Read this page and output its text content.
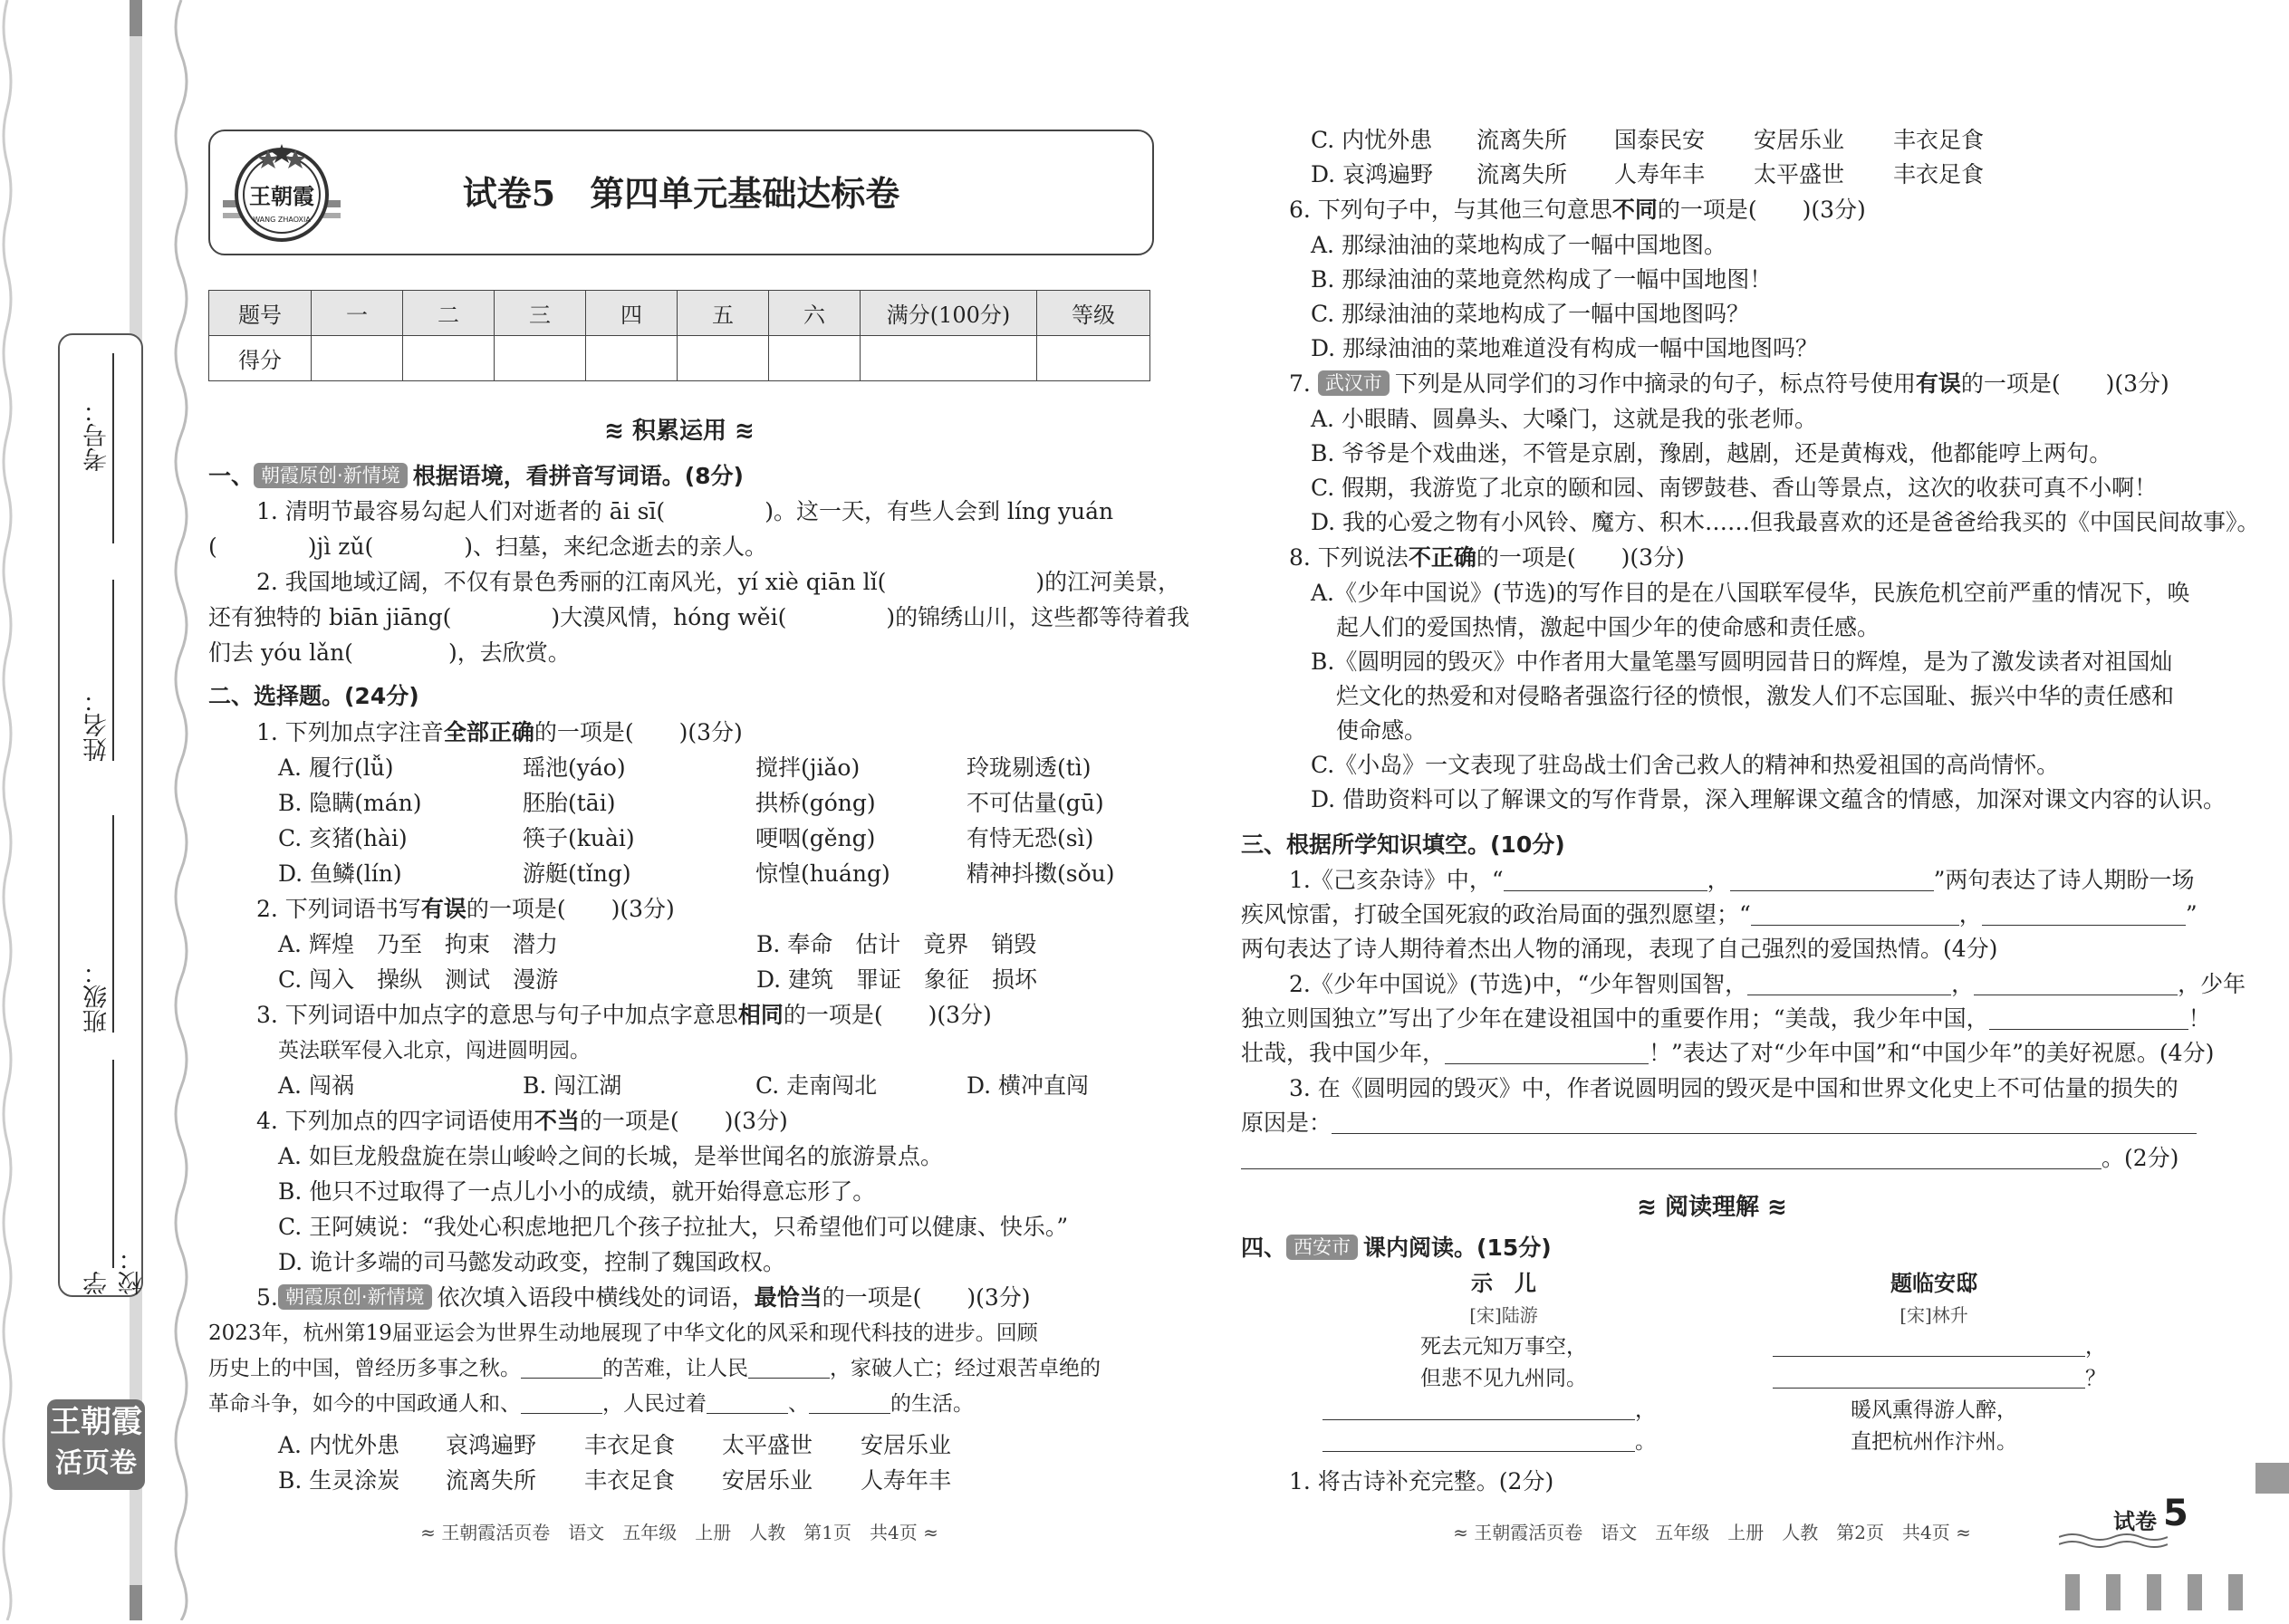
考号：
姓名：
班级：
学校：
王朝霞
活页卷
王朝霞
WANG ZHAOXIA
试卷5　第四单元基础达标卷
题号	一	二	三	四	五	六	满分(100分)	等级
得分								
≋ 积累运用 ≋
一、 朝霞原创·新情境 根据语境，看拼音写词语。(8分)
1. 清明节最容易勾起人们对逝者的 āi sī(	)。这一天，有些人会到 líng yuán
(	)jì zǔ(	)、扫墓，来纪念逝去的亲人。
2. 我国地域辽阔，不仅有景色秀丽的江南风光，yí xiè qiān lǐ(	)的江河美景，
还有独特的 biān jiāng(	)大漠风情，hóng wěi(	)的锦绣山川，这些都等待着我
们去 yóu lǎn(	)，去欣赏。
二、选择题。(24分)
1. 下列加点字注音全部正确的一项是(　　)(3分)
A. 履行(lǚ)	瑶池(yáo)	搅拌(jiǎo)	玲珑剔透(tì)
B. 隐瞒(mán)	胚胎(tāi)	拱桥(góng)	不可估量(gū)
C. 亥猪(hài)	筷子(kuài)	哽咽(gěng)	有恃无恐(sì)
D. 鱼鳞(lín)	游艇(tǐng)	惊惶(huáng)	精神抖擞(sǒu)
2. 下列词语书写有误的一项是(　　)(3分)
A. 辉煌　乃至　拘束　潜力	B. 奉命　估计　竟界　销毁
C. 闯入　操纵　测试　漫游	D. 建筑　罪证　象征　损坏
3. 下列词语中加点字的意思与句子中加点字意思相同的一项是(　　)(3分)
英法联军侵入北京，闯进圆明园。
A. 闯祸	B. 闯江湖	C. 走南闯北	D. 横冲直闯
4. 下列加点的四字词语使用不当的一项是(　　)(3分)
A. 如巨龙般盘旋在崇山峻岭之间的长城，是举世闻名的旅游景点。
B. 他只不过取得了一点儿小小的成绩，就开始得意忘形了。
C. 王阿姨说：“我处心积虑地把几个孩子拉扯大，只希望他们可以健康、快乐。”
D. 诡计多端的司马懿发动政变，控制了魏国政权。
5. 朝霞原创·新情境 依次填入语段中横线处的词语，最恰当的一项是(　　)(3分)
2023年，杭州第19届亚运会为世界生动地展现了中华文化的风采和现代科技的进步。回顾
历史上的中国，曾经历多事之秋。	的苦难，让人民	，家破人亡；经过艰苦卓绝的
革命斗争，如今的中国政通人和、	，人民过着	、	的生活。
A. 内忧外患 哀鸿遍野 丰衣足食 太平盛世 安居乐业
B. 生灵涂炭 流离失所 丰衣足食 安居乐业 人寿年丰
≈ 王朝霞活页卷　语文　五年级　上册　人教　第1页　共4页 ≈
C. 内忧外患 流离失所 国泰民安 安居乐业 丰衣足食
D. 哀鸿遍野 流离失所 人寿年丰 太平盛世 丰衣足食
6. 下列句子中，与其他三句意思不同的一项是(　　)(3分)
A. 那绿油油的菜地构成了一幅中国地图。
B. 那绿油油的菜地竟然构成了一幅中国地图！
C. 那绿油油的菜地构成了一幅中国地图吗？
D. 那绿油油的菜地难道没有构成一幅中国地图吗？
7. 武汉市 下列是从同学们的习作中摘录的句子，标点符号使用有误的一项是(　　)(3分)
A. 小眼睛、圆鼻头、大嗓门，这就是我的张老师。
B. 爷爷是个戏曲迷，不管是京剧，豫剧，越剧，还是黄梅戏，他都能哼上两句。
C. 假期，我游览了北京的颐和园、南锣鼓巷、香山等景点，这次的收获可真不小啊！
D. 我的心爱之物有小风铃、魔方、积木……但我最喜欢的还是爸爸给我买的《中国民间故事》。
8. 下列说法不正确的一项是(　　)(3分)
A.《少年中国说》(节选)的写作目的是在八国联军侵华，民族危机空前严重的情况下，唤
起人们的爱国热情，激起中国少年的使命感和责任感。
B.《圆明园的毁灭》中作者用大量笔墨写圆明园昔日的辉煌，是为了激发读者对祖国灿
烂文化的热爱和对侵略者强盗行径的愤恨，激发人们不忘国耻、振兴中华的责任感和
使命感。
C.《小岛》一文表现了驻岛战士们舍己救人的精神和热爱祖国的高尚情怀。
D. 借助资料可以了解课文的写作背景，深入理解课文蕴含的情感，加深对课文内容的认识。
三、根据所学知识填空。(10分)
1.《己亥杂诗》中，“	，	”两句表达了诗人期盼一场
疾风惊雷，打破全国死寂的政治局面的强烈愿望；“	，	”
两句表达了诗人期待着杰出人物的涌现，表现了自己强烈的爱国热情。(4分)
2.《少年中国说》(节选)中，“少年智则国智，	，	，少年
独立则国独立”写出了少年在建设祖国中的重要作用；“美哉，我少年中国，	！
壮哉，我中国少年，	！”表达了对“少年中国”和“中国少年”的美好祝愿。(4分)
3. 在《圆明园的毁灭》中，作者说圆明园的毁灭是中国和世界文化史上不可估量的损失的
原因是：
。(2分)
≋ 阅读理解 ≋
四、 西安市 课内阅读。(15分)
示　儿
[宋]陆游
死去元知万事空，
但悲不见九州同。
，
。
题临安邸
[宋]林升
，
？
暖风熏得游人醉，
直把杭州作汴州。
1. 将古诗补充完整。(2分)
≈ 王朝霞活页卷　语文　五年级　上册　人教　第2页　共4页 ≈	试卷 5
